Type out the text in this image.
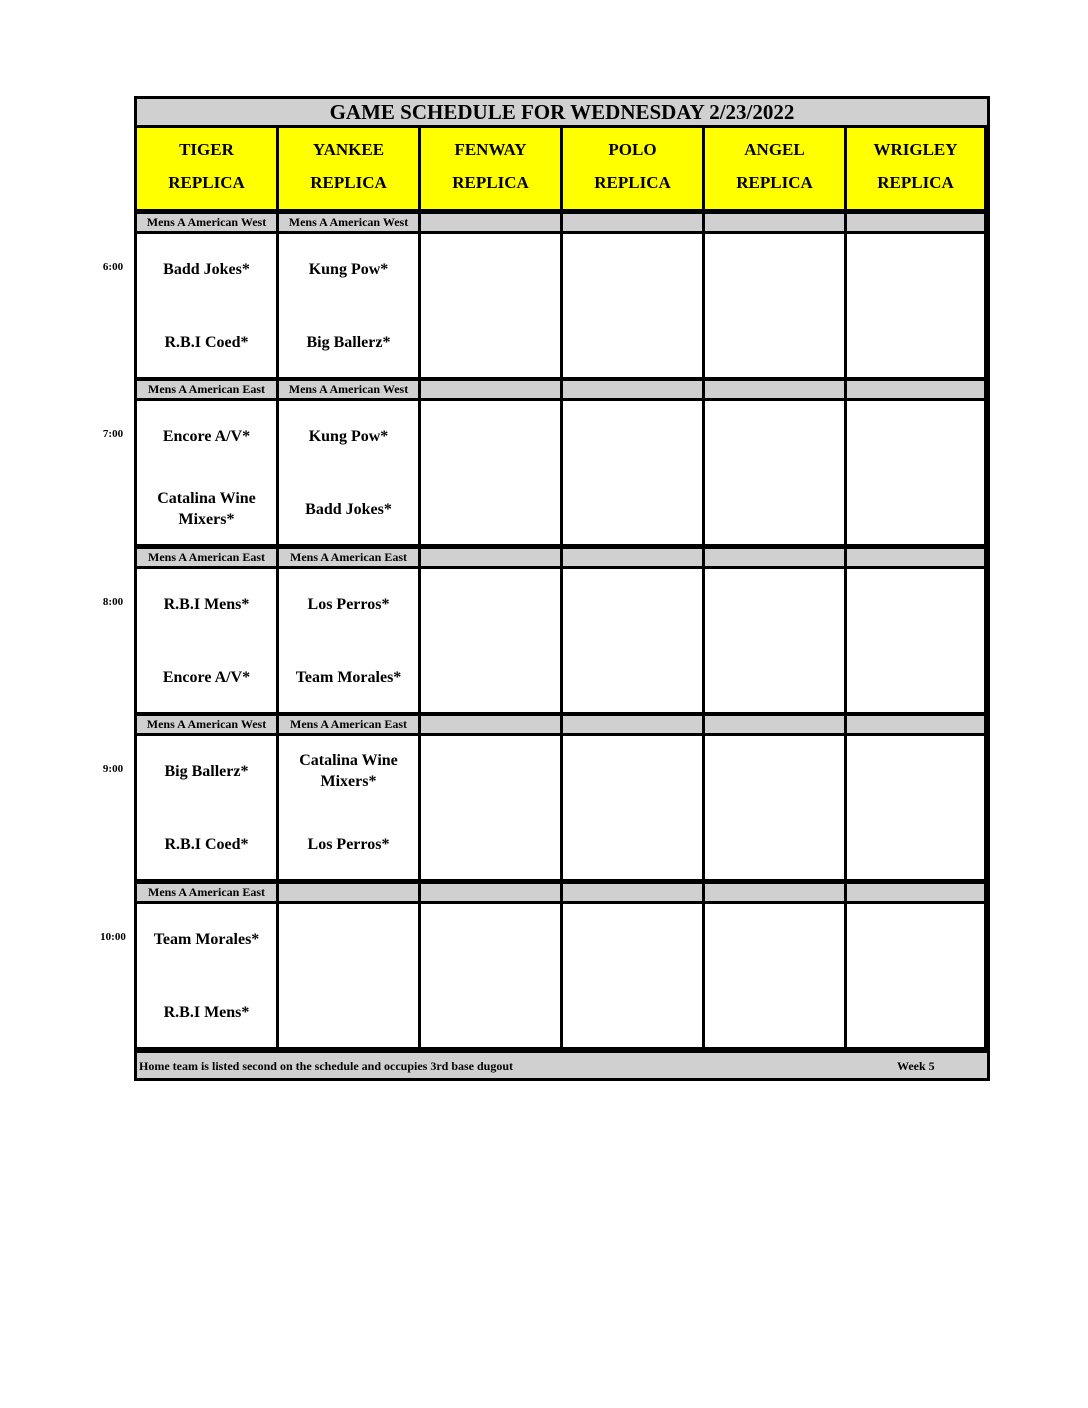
GAME SCHEDULE FOR WEDNESDAY 2/23/2022
TIGER
REPLICA
YANKEE
REPLICA
FENWAY
REPLICA
POLO
REPLICA
ANGEL
REPLICA
WRIGLEY
REPLICA
Mens A American West
Badd Jokes*
R.B.I Coed*
Mens A American West
Kung Pow*
Big Ballerz*
Mens A American East
Encore A/V*
Catalina Wine Mixers*
Mens A American West
Kung Pow*
Badd Jokes*
Mens A American East
R.B.I Mens*
Encore A/V*
Mens A American East
Los Perros*
Team Morales*
Mens A American West
Big Ballerz*
R.B.I Coed*
Mens A American East
Catalina Wine Mixers*
Los Perros*
Mens A American East
Team Morales*
R.B.I Mens*
Home team is listed second on the schedule and occupies 3rd base dugout	Week 5
6:00
7:00
8:00
9:00
10:00
